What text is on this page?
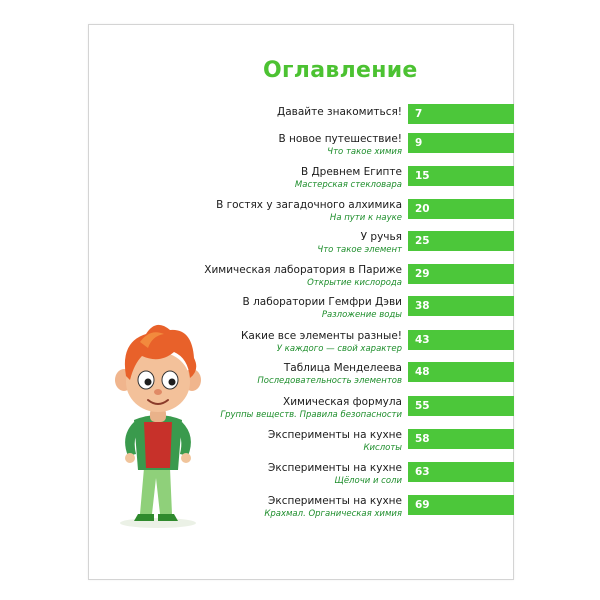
Оглавление
Давайте знакомиться!	7
В новое путешествие!
Что такое химия
9
В Древнем Египте
Мастерская стекловара
15
В гостях у загадочного алхимика
На пути к науке
20
У ручья
Что такое элемент
25
Химическая лаборатория в Париже
Открытие кислорода
29
В лаборатории Гемфри Дэви
Разложение воды
38
Какие все элементы разные!
У каждого — свой характер
43
Таблица Менделеева
Последовательность элементов
48
Химическая формула
Группы веществ. Правила безопасности
55
Эксперименты на кухне
Кислоты
58
Эксперименты на кухне
Щёлочи и соли
63
Эксперименты на кухне
Крахмал. Органическая химия
69
